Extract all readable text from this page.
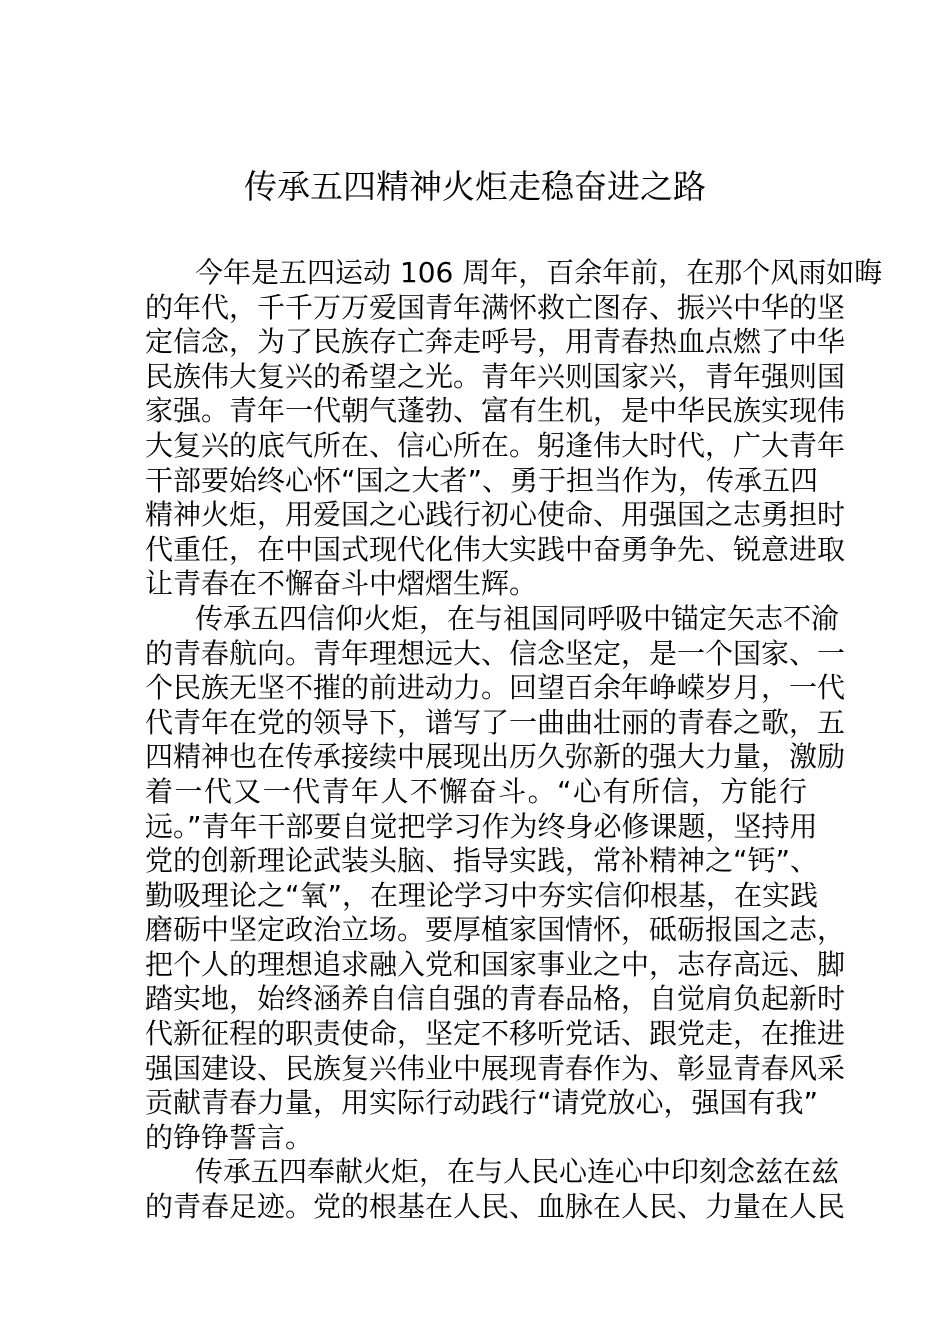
传承五四精神火炬走稳奋进之路
今年是五四运动 106 周年，百余年前，在那个风雨如晦
的年代，千千万万爱国青年满怀救亡图存、振兴中华的坚
定信念，为了民族存亡奔走呼号，用青春热血点燃了中华
民族伟大复兴的希望之光。青年兴则国家兴，青年强则国
家强。青年一代朝气蓬勃、富有生机，是中华民族实现伟
大复兴的底气所在、信心所在。躬逢伟大时代，广大青年
干部要始终心怀“国之大者”、勇于担当作为，传承五四
精神火炬，用爱国之心践行初心使命、用强国之志勇担时
代重任，在中国式现代化伟大实践中奋勇争先、锐意进取
让青春在不懈奋斗中熠熠生辉。
传承五四信仰火炬，在与祖国同呼吸中锚定矢志不渝
的青春航向。青年理想远大、信念坚定，是一个国家、一
个民族无坚不摧的前进动力。回望百余年峥嵘岁月，一代
代青年在党的领导下，谱写了一曲曲壮丽的青春之歌，五
四精神也在传承接续中展现出历久弥新的强大力量，激励
着一代又一代青年人不懈奋斗。“心有所信，方能行
远。”青年干部要自觉把学习作为终身必修课题，坚持用
党的创新理论武装头脑、指导实践，常补精神之“钙”、
勤吸理论之“氧”，在理论学习中夯实信仰根基，在实践
磨砺中坚定政治立场。要厚植家国情怀，砥砺报国之志，
把个人的理想追求融入党和国家事业之中，志存高远、脚
踏实地，始终涵养自信自强的青春品格，自觉肩负起新时
代新征程的职责使命，坚定不移听党话、跟党走，在推进
强国建设、民族复兴伟业中展现青春作为、彰显青春风采
贡献青春力量，用实际行动践行“请党放心，强国有我”
的铮铮誓言。
传承五四奉献火炬，在与人民心连心中印刻念兹在兹
的青春足迹。党的根基在人民、血脉在人民、力量在人民
